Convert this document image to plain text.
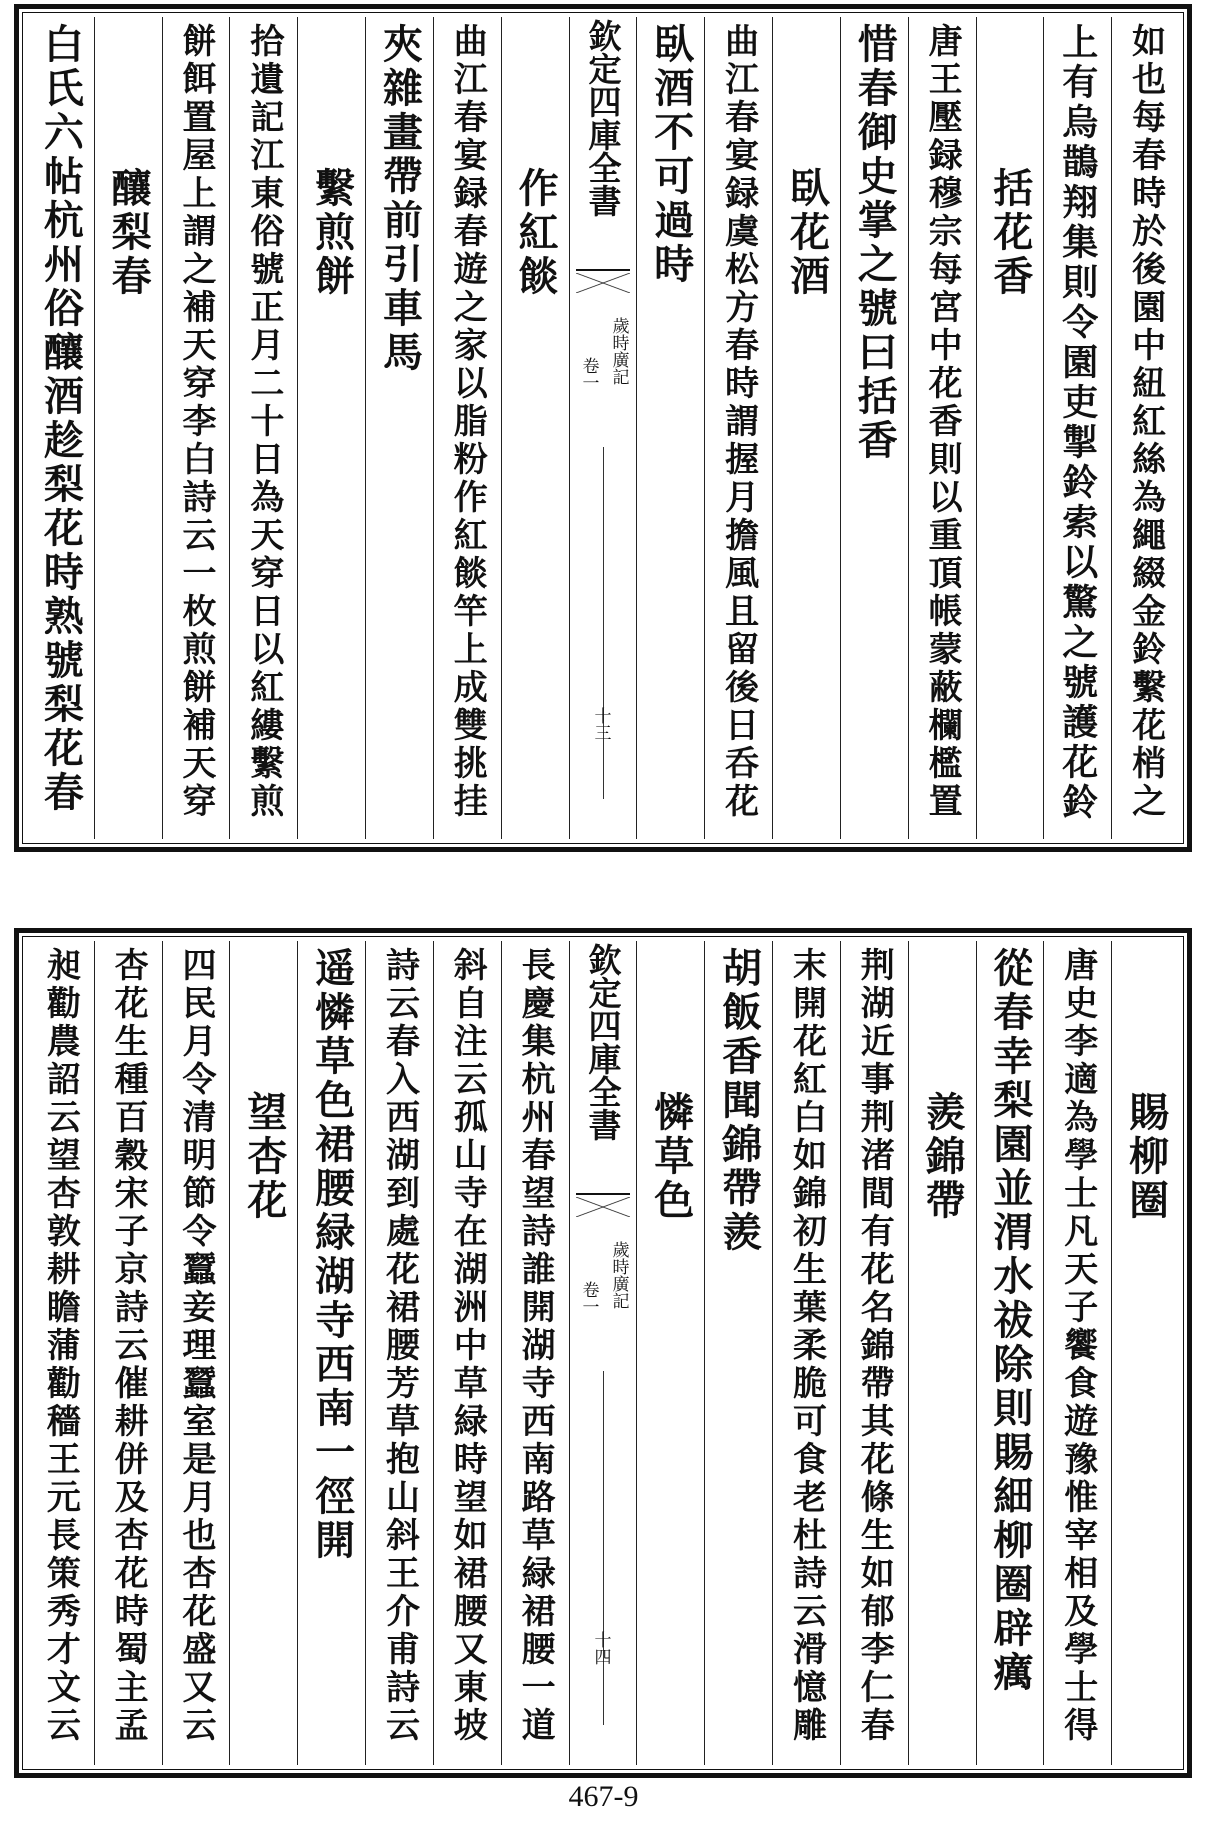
如也每春時於後園中紐紅絲為繩綴金鈴繫花梢之
上有烏鵲翔集則令園吏掣鈴索以驚之號護花鈴
括花香
唐王壓録穆宗每宮中花香則以重頂帳蒙蔽欄檻置
惜春御史掌之號曰括香
臥花酒
曲江春宴録虞松方春時謂握月擔風且留後日呑花
臥酒不可過時
欽定四庫全書
歲時廣記
卷一
十三
作紅餤
曲江春宴録春遊之家以脂粉作紅餤竿上成雙挑挂
夾雜畫帶前引車馬
繫煎餅
拾遺記江東俗號正月二十日為天穿日以紅縷繫煎
餅餌置屋上謂之補天穿李白詩云一枚煎餅補天穿
釀梨春
白氏六帖杭州俗釀酒趁梨花時熟號梨花春
賜柳圈
唐史李適為學士凡天子饗食遊豫惟宰相及學士得
從春幸梨園並渭水祓除則賜細柳圈辟癘
羨錦帶
荆湖近事荆渚間有花名錦帶其花條生如郁李仁春
末開花紅白如錦初生葉柔脆可食老杜詩云滑憶雕
胡飯香聞錦帶羨
憐草色
欽定四庫全書
歲時廣記
卷一
十四
長慶集杭州春望詩誰開湖寺西南路草緑裙腰一道
斜自注云孤山寺在湖洲中草緑時望如裙腰又東坡
詩云春入西湖到處花裙腰芳草抱山斜王介甫詩云
遥憐草色裙腰緑湖寺西南一徑開
望杏花
四民月令清明節令蠶妾理蠶室是月也杏花盛又云
杏花生種百穀宋子京詩云催耕併及杏花時蜀主孟
昶勸農詔云望杏敦耕瞻蒲勸穡王元長策秀才文云
467-9
